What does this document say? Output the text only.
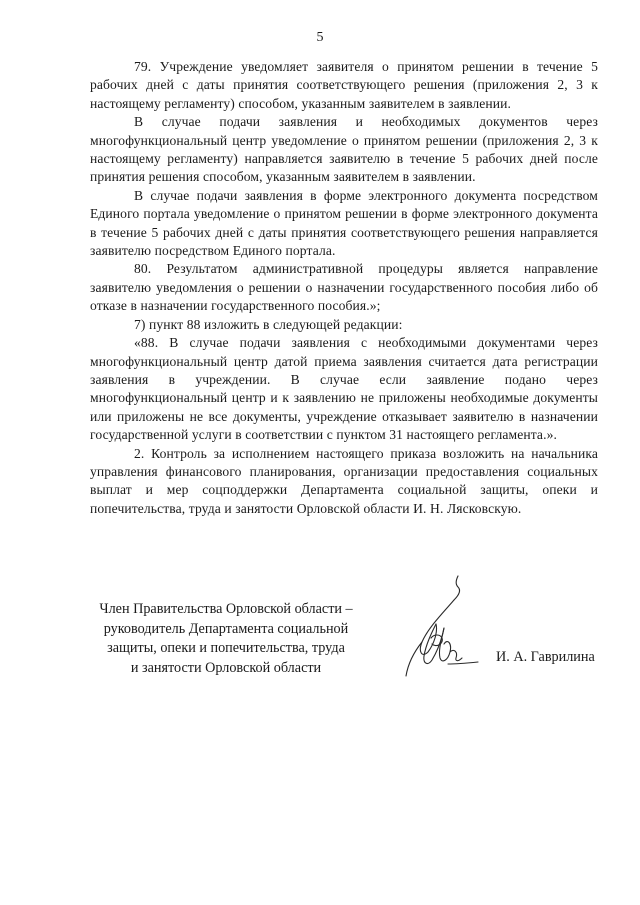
5

79. Учреждение уведомляет заявителя о принятом решении в течение 5 рабочих дней с даты принятия соответствующего решения (приложения 2, 3 к настоящему регламенту) способом, указанным заявителем в заявлении.

В случае подачи заявления и необходимых документов через многофункциональный центр уведомление о принятом решении (приложения 2, 3 к настоящему регламенту) направляется заявителю в течение 5 рабочих дней после принятия решения способом, указанным заявителем в заявлении.

В случае подачи заявления в форме электронного документа посредством Единого портала уведомление о принятом решении в форме электронного документа в течение 5 рабочих дней с даты принятия соответствующего решения направляется заявителю посредством Единого портала.

80. Результатом административной процедуры является направление заявителю уведомления о решении о назначении государственного пособия либо об отказе в назначении государственного пособия.»;

7) пункт 88 изложить в следующей редакции:

«88. В случае подачи заявления с необходимыми документами через многофункциональный центр датой приема заявления считается дата регистрации заявления в учреждении. В случае если заявление подано через многофункциональный центр и к заявлению не приложены необходимые документы или приложены не все документы, учреждение отказывает заявителю в назначении государственной услуги в соответствии с пунктом 31 настоящего регламента.».

2. Контроль за исполнением настоящего приказа возложить на начальника управления финансового планирования, организации предоставления социальных выплат и мер соцподдержки Департамента социальной защиты, опеки и попечительства, труда и занятости Орловской области И. Н. Лясковскую.

Член Правительства Орловской области –
руководитель Департамента социальной
защиты, опеки и попечительства, труда
и занятости Орловской области
И. А. Гаврилина
